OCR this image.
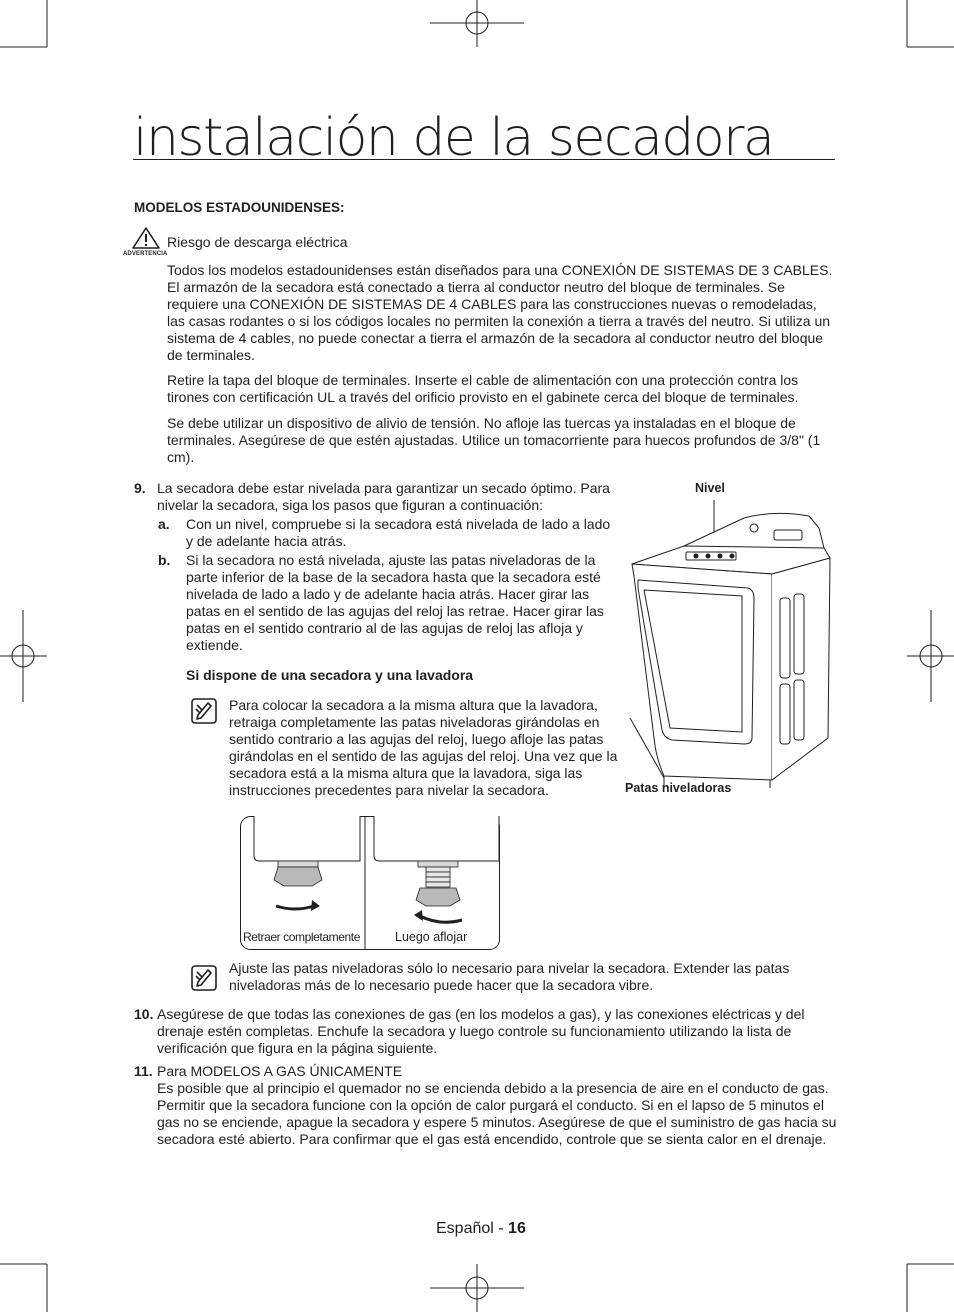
instalación de la secadora
MODELOS ESTADOUNIDENSES:
ADVERTENCIA
Riesgo de descarga eléctrica
Todos los modelos estadounidenses están diseñados para una CONEXIÓN DE SISTEMAS DE 3 CABLES. El armazón de la secadora está conectado a tierra al conductor neutro del bloque de terminales. Se requiere una CONEXIÓN DE SISTEMAS DE 4 CABLES para las construcciones nuevas o remodeladas, las casas rodantes o si los códigos locales no permiten la conexión a tierra a través del neutro. Si utiliza un sistema de 4 cables, no puede conectar a tierra el armazón de la secadora al conductor neutro del bloque de terminales.
Retire la tapa del bloque de terminales. Inserte el cable de alimentación con una protección contra los tirones con certificación UL a través del orificio provisto en el gabinete cerca del bloque de terminales.
Se debe utilizar un dispositivo de alivio de tensión. No afloje las tuercas ya instaladas en el bloque de terminales. Asegúrese de que estén ajustadas. Utilice un tomacorriente para huecos profundos de 3/8" (1 cm).
9. La secadora debe estar nivelada para garantizar un secado óptimo. Para nivelar la secadora, siga los pasos que figuran a continuación:
a. Con un nivel, compruebe si la secadora está nivelada de lado a lado y de adelante hacia atrás.
b. Si la secadora no está nivelada, ajuste las patas niveladoras de la parte inferior de la base de la secadora hasta que la secadora esté nivelada de lado a lado y de adelante hacia atrás. Hacer girar las patas en el sentido de las agujas del reloj las retrae. Hacer girar las patas en el sentido contrario al de las agujas de reloj las afloja y extiende.
Si dispone de una secadora y una lavadora
Para colocar la secadora a la misma altura que la lavadora, retraiga completamente las patas niveladoras girándolas en sentido contrario a las agujas del reloj, luego afloje las patas girándolas en el sentido de las agujas del reloj. Una vez que la secadora está a la misma altura que la lavadora, siga las instrucciones precedentes para nivelar la secadora.
Retraer completamente	Luego aflojar
Ajuste las patas niveladoras sólo lo necesario para nivelar la secadora. Extender las patas niveladoras más de lo necesario puede hacer que la secadora vibre.
10. Asegúrese de que todas las conexiones de gas (en los modelos a gas), y las conexiones eléctricas y del drenaje estén completas. Enchufe la secadora y luego controle su funcionamiento utilizando la lista de verificación que figura en la página siguiente.
11. Para MODELOS A GAS ÚNICAMENTE
Es posible que al principio el quemador no se encienda debido a la presencia de aire en el conducto de gas. Permitir que la secadora funcione con la opción de calor purgará el conducto. Si en el lapso de 5 minutos el gas no se enciende, apague la secadora y espere 5 minutos. Asegúrese de que el suministro de gas hacia su secadora esté abierto. Para confirmar que el gas está encendido, controle que se sienta calor en el drenaje.
Nivel
Patas niveladoras
Español - 16
